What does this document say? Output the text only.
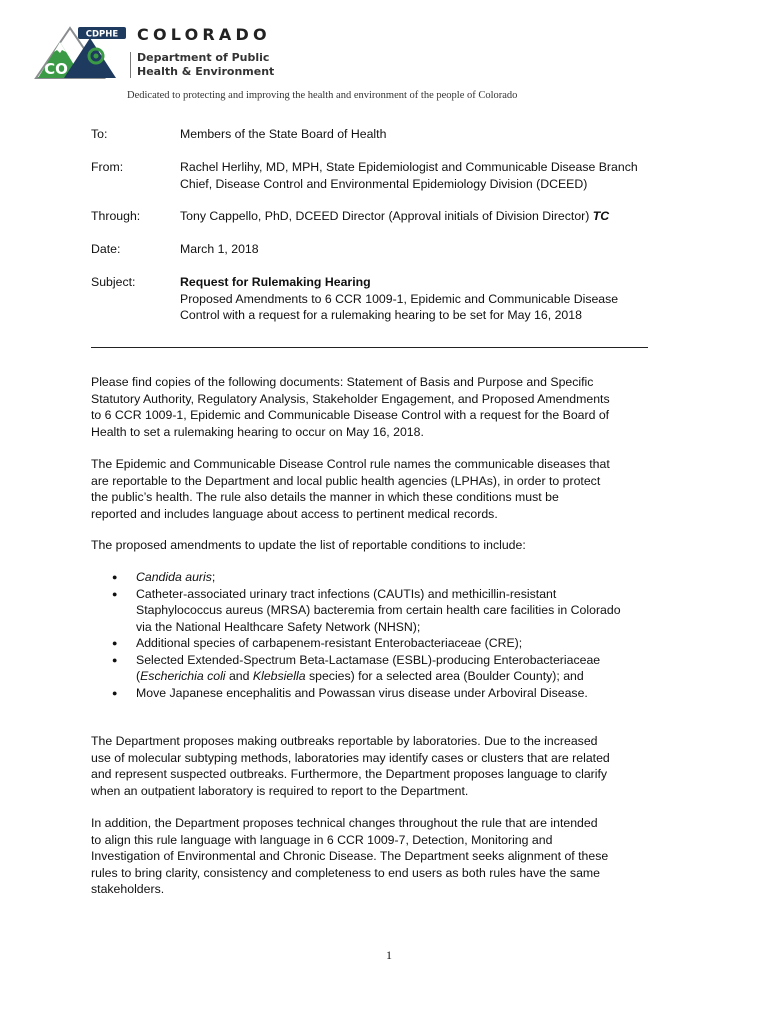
CDPHE
CO
COLORADO
Department of Public
Health & Environment
Dedicated to protecting and improving the health and environment of the people of Colorado
To:	Members of the State Board of Health
From:	Rachel Herlihy, MD, MPH, State Epidemiologist and Communicable Disease Branch
Chief, Disease Control and Environmental Epidemiology Division (DCEED)
Through:	Tony Cappello, PhD, DCEED Director (Approval initials of Division Director) TC
Date:	March 1, 2018
Subject:	Request for Rulemaking Hearing
Proposed Amendments to 6 CCR 1009-1, Epidemic and Communicable Disease
Control with a request for a rulemaking hearing to be set for May 16, 2018
Please find copies of the following documents: Statement of Basis and Purpose and Specific
Statutory Authority, Regulatory Analysis, Stakeholder Engagement, and Proposed Amendments
to 6 CCR 1009-1, Epidemic and Communicable Disease Control with a request for the Board of
Health to set a rulemaking hearing to occur on May 16, 2018.
The Epidemic and Communicable Disease Control rule names the communicable diseases that
are reportable to the Department and local public health agencies (LPHAs), in order to protect
the public’s health. The rule also details the manner in which these conditions must be
reported and includes language about access to pertinent medical records.
The proposed amendments to update the list of reportable conditions to include:
● Candida auris;
● Catheter-associated urinary tract infections (CAUTIs) and methicillin-resistant
Staphylococcus aureus (MRSA) bacteremia from certain health care facilities in Colorado
via the National Healthcare Safety Network (NHSN);
● Additional species of carbapenem-resistant Enterobacteriaceae (CRE);
● Selected Extended-Spectrum Beta-Lactamase (ESBL)-producing Enterobacteriaceae
(Escherichia coli and Klebsiella species) for a selected area (Boulder County); and
● Move Japanese encephalitis and Powassan virus disease under Arboviral Disease.
The Department proposes making outbreaks reportable by laboratories. Due to the increased
use of molecular subtyping methods, laboratories may identify cases or clusters that are related
and represent suspected outbreaks. Furthermore, the Department proposes language to clarify
when an outpatient laboratory is required to report to the Department.
In addition, the Department proposes technical changes throughout the rule that are intended
to align this rule language with language in 6 CCR 1009-7, Detection, Monitoring and
Investigation of Environmental and Chronic Disease. The Department seeks alignment of these
rules to bring clarity, consistency and completeness to end users as both rules have the same
stakeholders.
1
